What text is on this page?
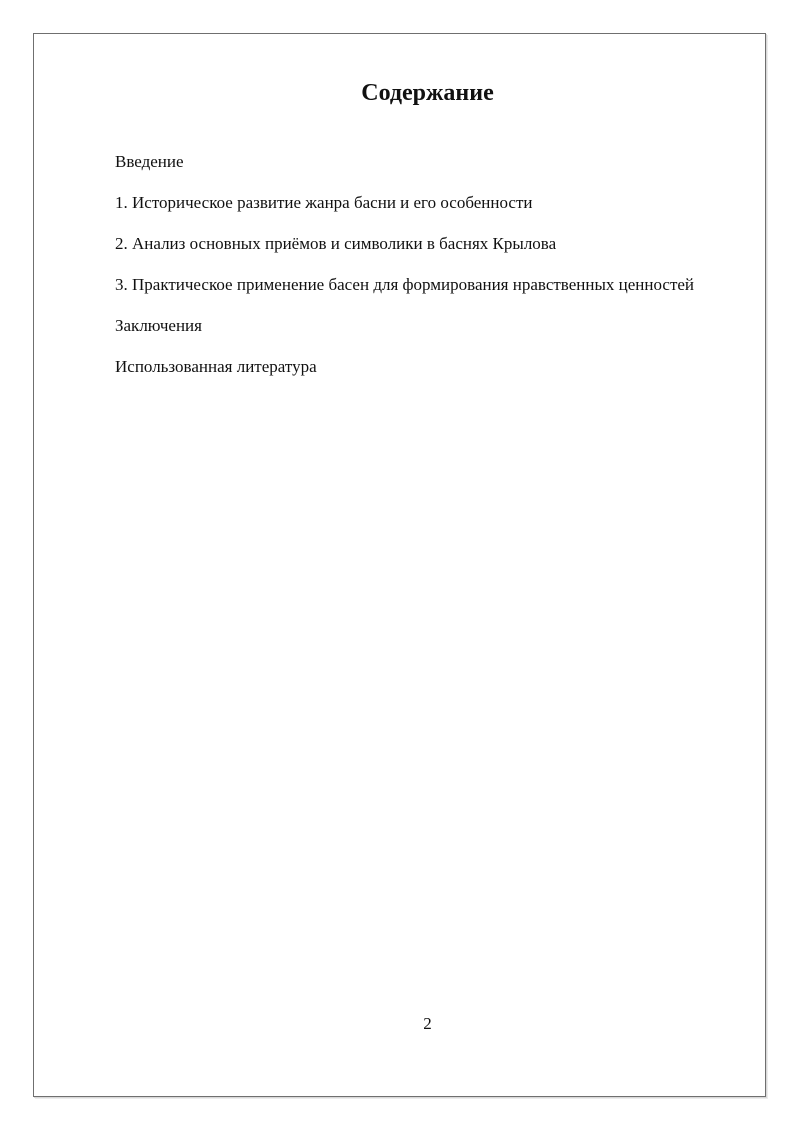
Содержание
Введение
1. Историческое развитие жанра басни и его особенности
2. Анализ основных приёмов и символики в баснях Крылова
3. Практическое применение басен для формирования нравственных ценностей
Заключения
Использованная литература
2
